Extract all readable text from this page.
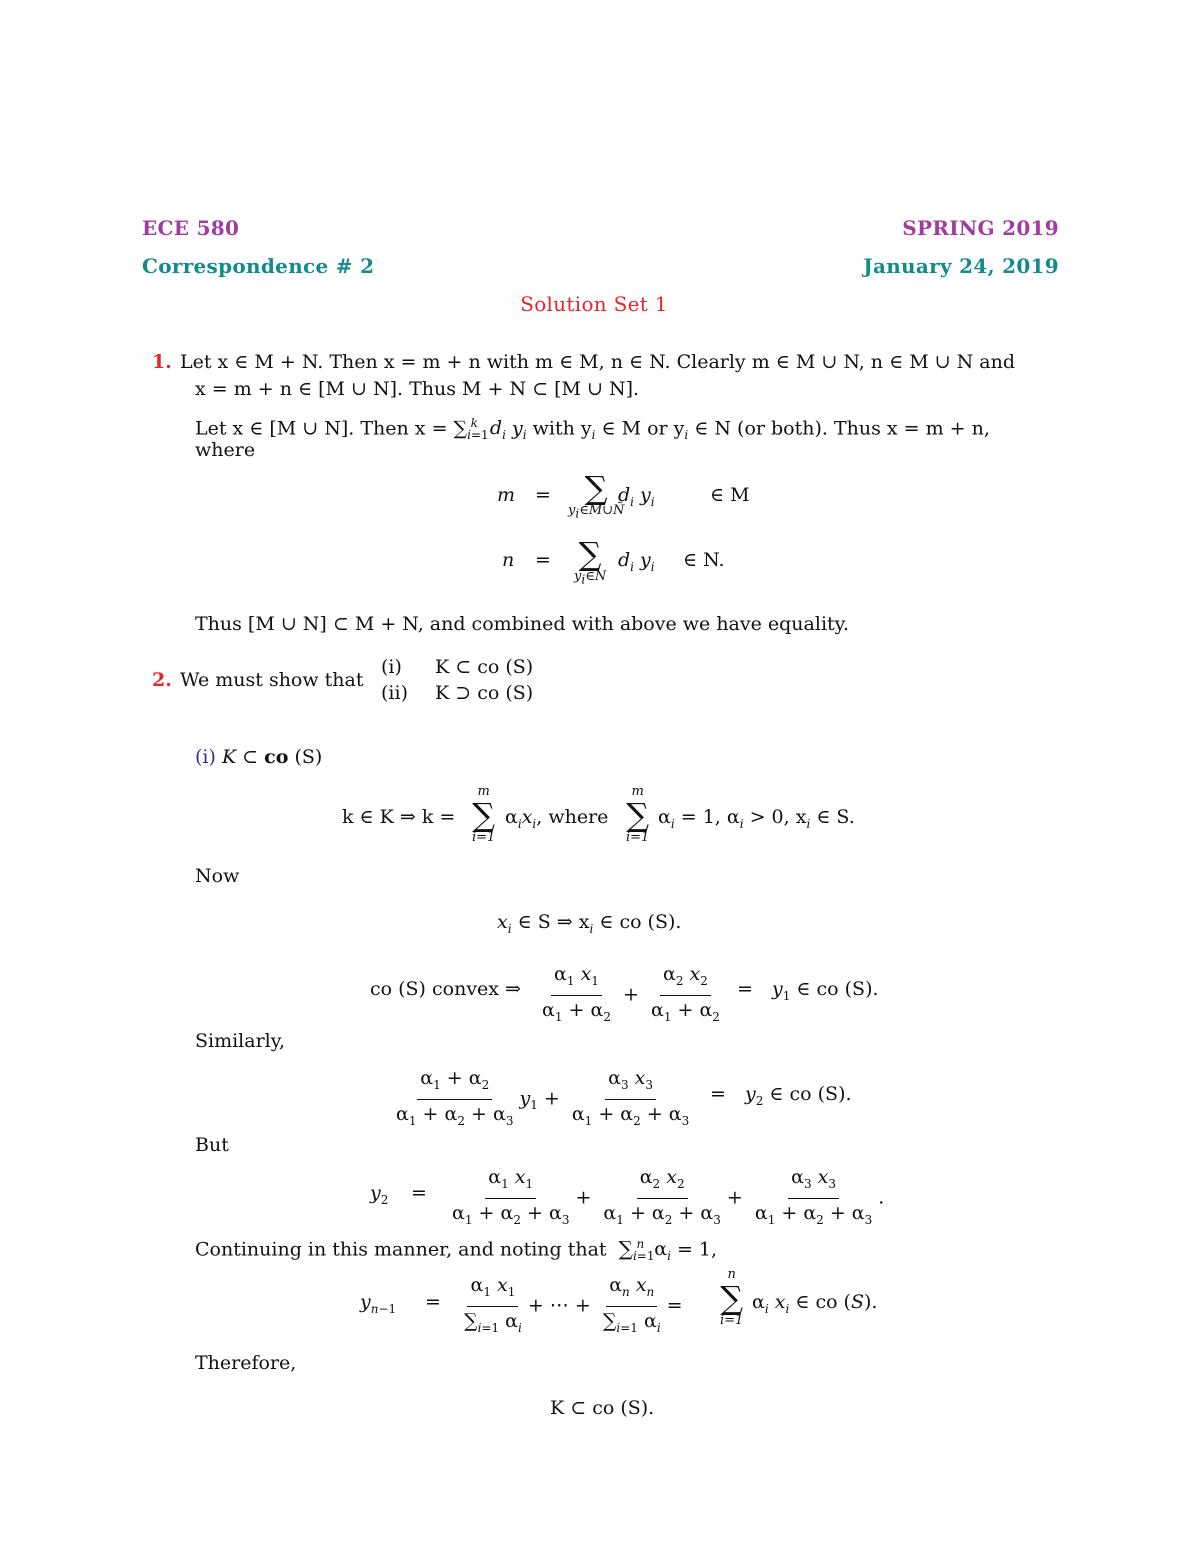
ECE 580	SPRING 2019
Correspondence # 2	January 24, 2019
Solution Set 1
1. Let x ∈ M + N. Then x = m + n with m ∈ M, n ∈ N. Clearly m ∈ M ∪ N, n ∈ M ∪ N and
x = m + n ∈ [M ∪ N]. Thus M + N ⊂ [M ∪ N].
Let x ∈ [M ∪ N]. Then $x = \sum_{i=1}^k$ $d_i$ $y_i$ with $y_i$ ∈ M or $y_i$ ∈ N (or both). Thus x = m + n,
where
m = ∑
$y_i\in M\cup Ñ$
$d_i$ $y_i$	∈ M
n = ∑
$y_i\in N$
$d_i$ $y_i$ ∈ N.
Thus [M ∪ N] ⊂ M + N, and combined with above we have equality.
2. We must show that
(i) K ⊂ co (S)
(ii) K ⊃ co (S)
(i) K ⊂ co (S)
k ∈ K ⇒ k =
m
∑
i=1
$\alpha_ix_i$, where
m
∑
i=1
$\alpha_i = 1$, $\alpha_i > 0$, $x_i$ ∈ S.
Now
$x_i$ ∈ S ⇒ $x_i$ ∈ co (S).
co (S) convex ⇒ $\frac{\alpha_1 x_1}{\alpha_1 + \alpha_2} + \frac{\alpha_2 x_2}{\alpha_1 + \alpha_2} = y_1$ ∈ co (S).
Similarly,
$\frac{\alpha_1 + \alpha_2}{\alpha_1 + \alpha_2 + \alpha_3} y_1 + \frac{\alpha_3 x_3}{\alpha_1 + \alpha_2 + \alpha_3} = y_2$ ∈ co (S).
But
$y_2 = \frac{\alpha_1 x_1}{\alpha_1 + \alpha_2 + \alpha_3} + \frac{\alpha_2 x_2}{\alpha_1 + \alpha_2 + \alpha_3} + \frac{\alpha_3 x_3}{\alpha_1 + \alpha_2 + \alpha_3}$ .
Continuing in this manner, and noting that $\sum_{i=1}^n$ $\alpha_i = 1$,
$y_{n-1} = \frac{\alpha_1 x_1}{\sum_{i=1} \alpha_i}$ + ⋯ + $\frac{\alpha_n x_n}{\sum_{i=1} \alpha_i}$ =
n
∑
i=1
$\alpha_i$ $x_i$ ∈ co (S).
Therefore,
K ⊂ co (S).
